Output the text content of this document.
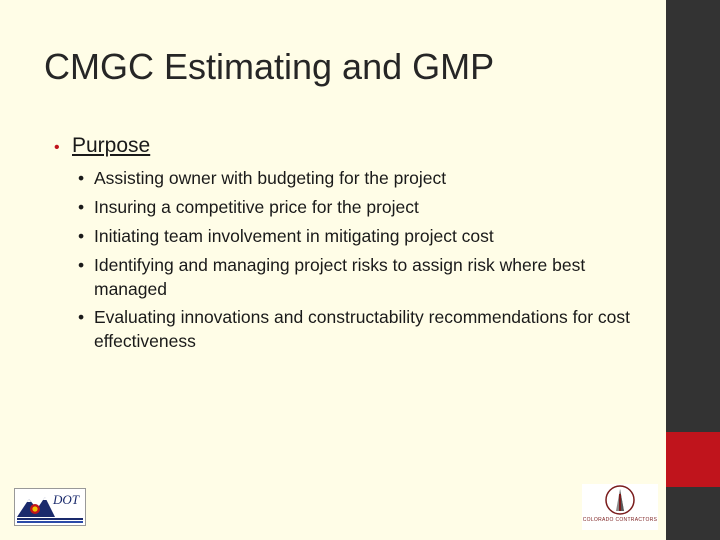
CMGC Estimating and GMP
• Purpose
• Assisting owner with budgeting for the project
• Insuring a competitive price for the project
• Initiating team involvement in mitigating project cost
• Identifying and managing project risks to assign risk where best managed
• Evaluating innovations and constructability recommendations for cost effectiveness
DOT
COLORADO CONTRACTORS
